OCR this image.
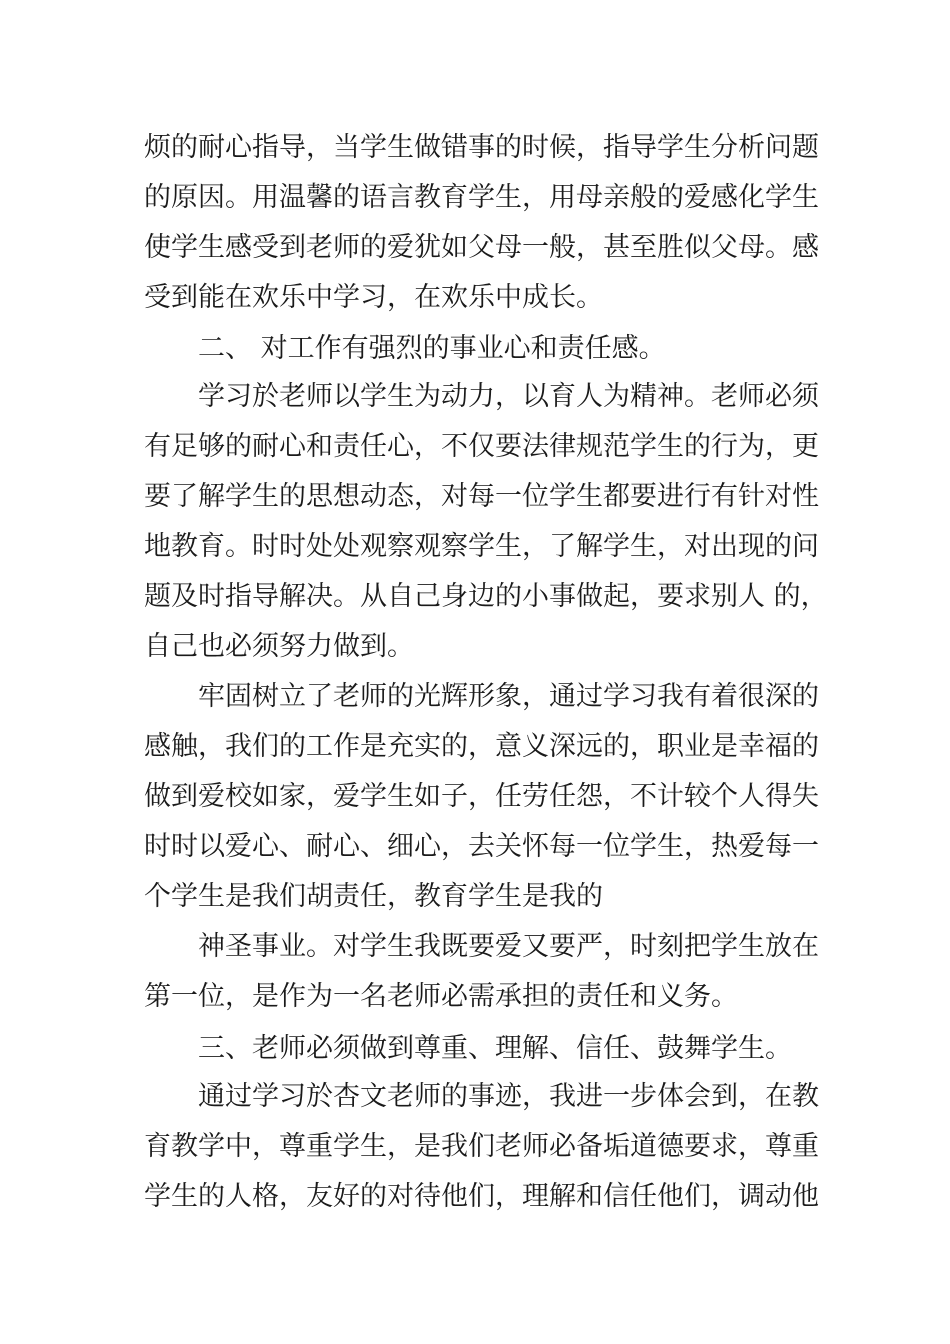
烦的耐心指导，当学生做错事的时候，指导学生分析问题
的原因。用温馨的语言教育学生，用母亲般的爱感化学生
使学生感受到老师的爱犹如父母一般，甚至胜似父母。感
受到能在欢乐中学习，在欢乐中成长。
二、 对工作有强烈的事业心和责任感。
学习於老师以学生为动力，以育人为精神。老师必须
有足够的耐心和责任心，不仅要法律规范学生的行为，更
要了解学生的思想动态，对每一位学生都要进行有针对性
地教育。时时处处观察观察学生，了解学生，对出现的问
题及时指导解决。从自己身边的小事做起，要求别人 的，
自己也必须努力做到。
牢固树立了老师的光辉形象，通过学习我有着很深的
感触，我们的工作是充实的，意义深远的，职业是幸福的
做到爱校如家，爱学生如子，任劳任怨，不计较个人得失
时时以爱心、耐心、细心，去关怀每一位学生，热爱每一
个学生是我们胡责任，教育学生是我的
神圣事业。对学生我既要爱又要严，时刻把学生放在
第一位，是作为一名老师必需承担的责任和义务。
三、老师必须做到尊重、理解、信任、鼓舞学生。
通过学习於杏文老师的事迹，我进一步体会到，在教
育教学中，尊重学生，是我们老师必备垢道德要求，尊重
学生的人格，友好的对待他们，理解和信任他们，调动他
